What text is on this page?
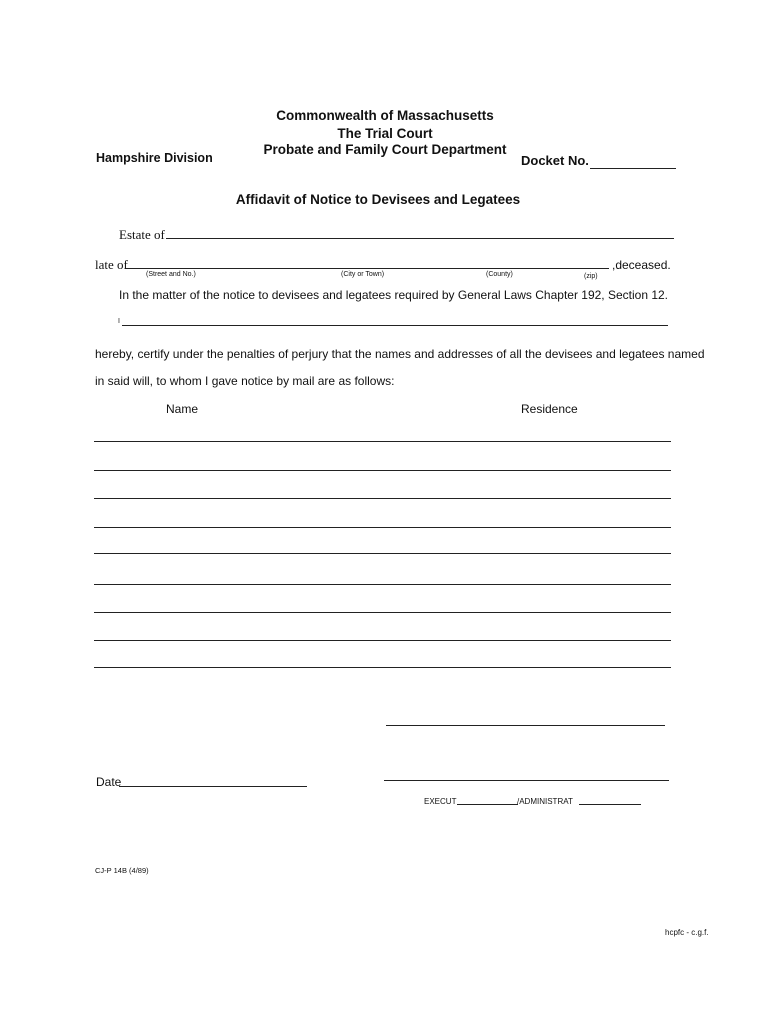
Commonwealth of Massachusetts
The Trial Court
Probate and Family Court Department
Hampshire Division	Docket No.
Affidavit of Notice to Devisees and Legatees
Estate of
late of	,deceased.
(Street and No.)	(City or Town)	(County)	(zip)
In the matter of the notice to devisees and legatees required by General Laws Chapter 192, Section 12.
I
hereby, certify under the penalties of perjury that the names and addresses of all the devisees and legatees named
in said will, to whom I gave notice by mail are as follows:
Name	Residence
Date
EXECUT	/ADMINISTRAT
CJ-P 14B (4/89)
hcpfc - c.g.f.
